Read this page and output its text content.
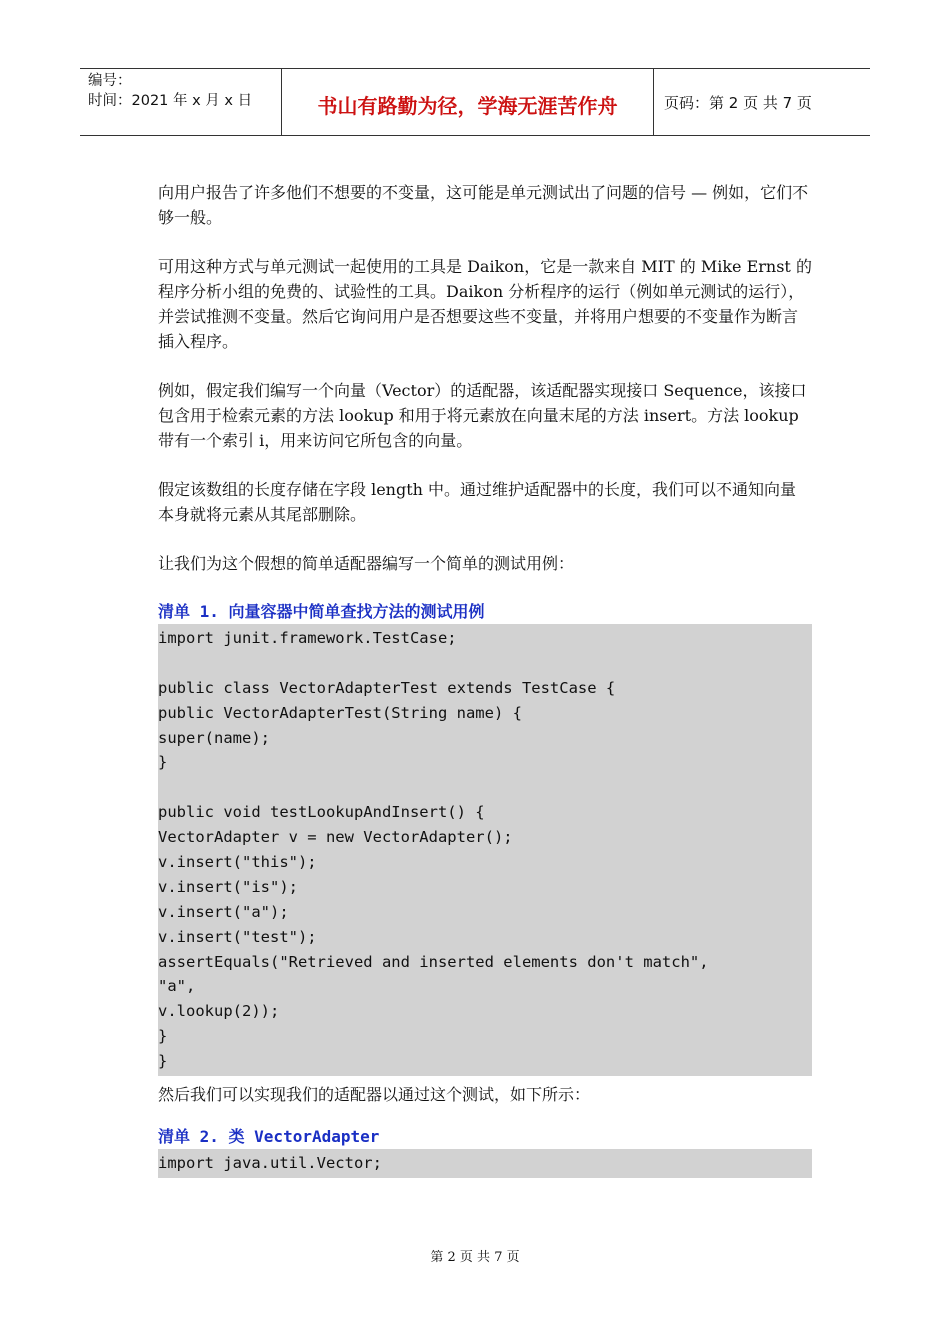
编号：
时间：2021 年 x 月 x 日	书山有路勤为径，学海无涯苦作舟	页码：第 2 页 共 7 页

向用户报告了许多他们不想要的不变量，这可能是单元测试出了问题的信号 — 例如，它们不够一般。

可用这种方式与单元测试一起使用的工具是 Daikon，它是一款来自 MIT 的 Mike Ernst 的程序分析小组的免费的、试验性的工具。Daikon 分析程序的运行（例如单元测试的运行），并尝试推测不变量。然后它询问用户是否想要这些不变量，并将用户想要的不变量作为断言插入程序。

例如，假定我们编写一个向量（Vector）的适配器，该适配器实现接口 Sequence，该接口包含用于检索元素的方法 lookup 和用于将元素放在向量末尾的方法 insert。方法 lookup 带有一个索引 i，用来访问它所包含的向量。

假定该数组的长度存储在字段 length 中。通过维护适配器中的长度，我们可以不通知向量本身就将元素从其尾部删除。

让我们为这个假想的简单适配器编写一个简单的测试用例：

清单 1. 向量容器中简单查找方法的测试用例
import junit.framework.TestCase;
public class VectorAdapterTest extends TestCase {
public VectorAdapterTest(String name) {
super(name);
}
public void testLookupAndInsert() {
VectorAdapter v = new VectorAdapter();
v.insert("this");
v.insert("is");
v.insert("a");
v.insert("test");
assertEquals("Retrieved and inserted elements don't match",
"a",
v.lookup(2));
}
}

然后我们可以实现我们的适配器以通过这个测试，如下所示：

清单 2. 类 VectorAdapter
import java.util.Vector;
第 2 页 共 7 页
